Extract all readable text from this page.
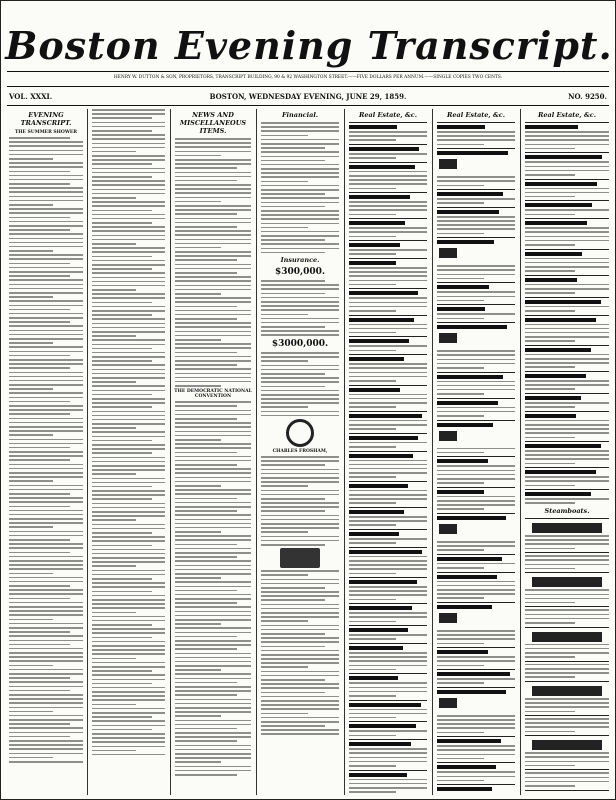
Boston Evening Transcript.
HENRY W. DUTTON & SON, PROPRIETORS, TRANSCRIPT BUILDING, 90 & 92 WASHINGTON STREET.——FIVE DOLLARS PER ANNUM.——SINGLE COPIES TWO CENTS.
VOL. XXXI.	BOSTON, WEDNESDAY EVENING, JUNE 29, 1859.	NO. 9250.
EVENING TRANSCRIPT.
THE SUMMER SHOWER
NEWS AND MISCELLANEOUS ITEMS.
THE DEMOCRATIC NATIONAL CONVENTION
Financial.
Insurance.
$300,000.
$3000,000.
CHARLES FROSHAM,
Real Estate, &c.	Real Estate, &c.	Real Estate, &c.
Steamboats.
